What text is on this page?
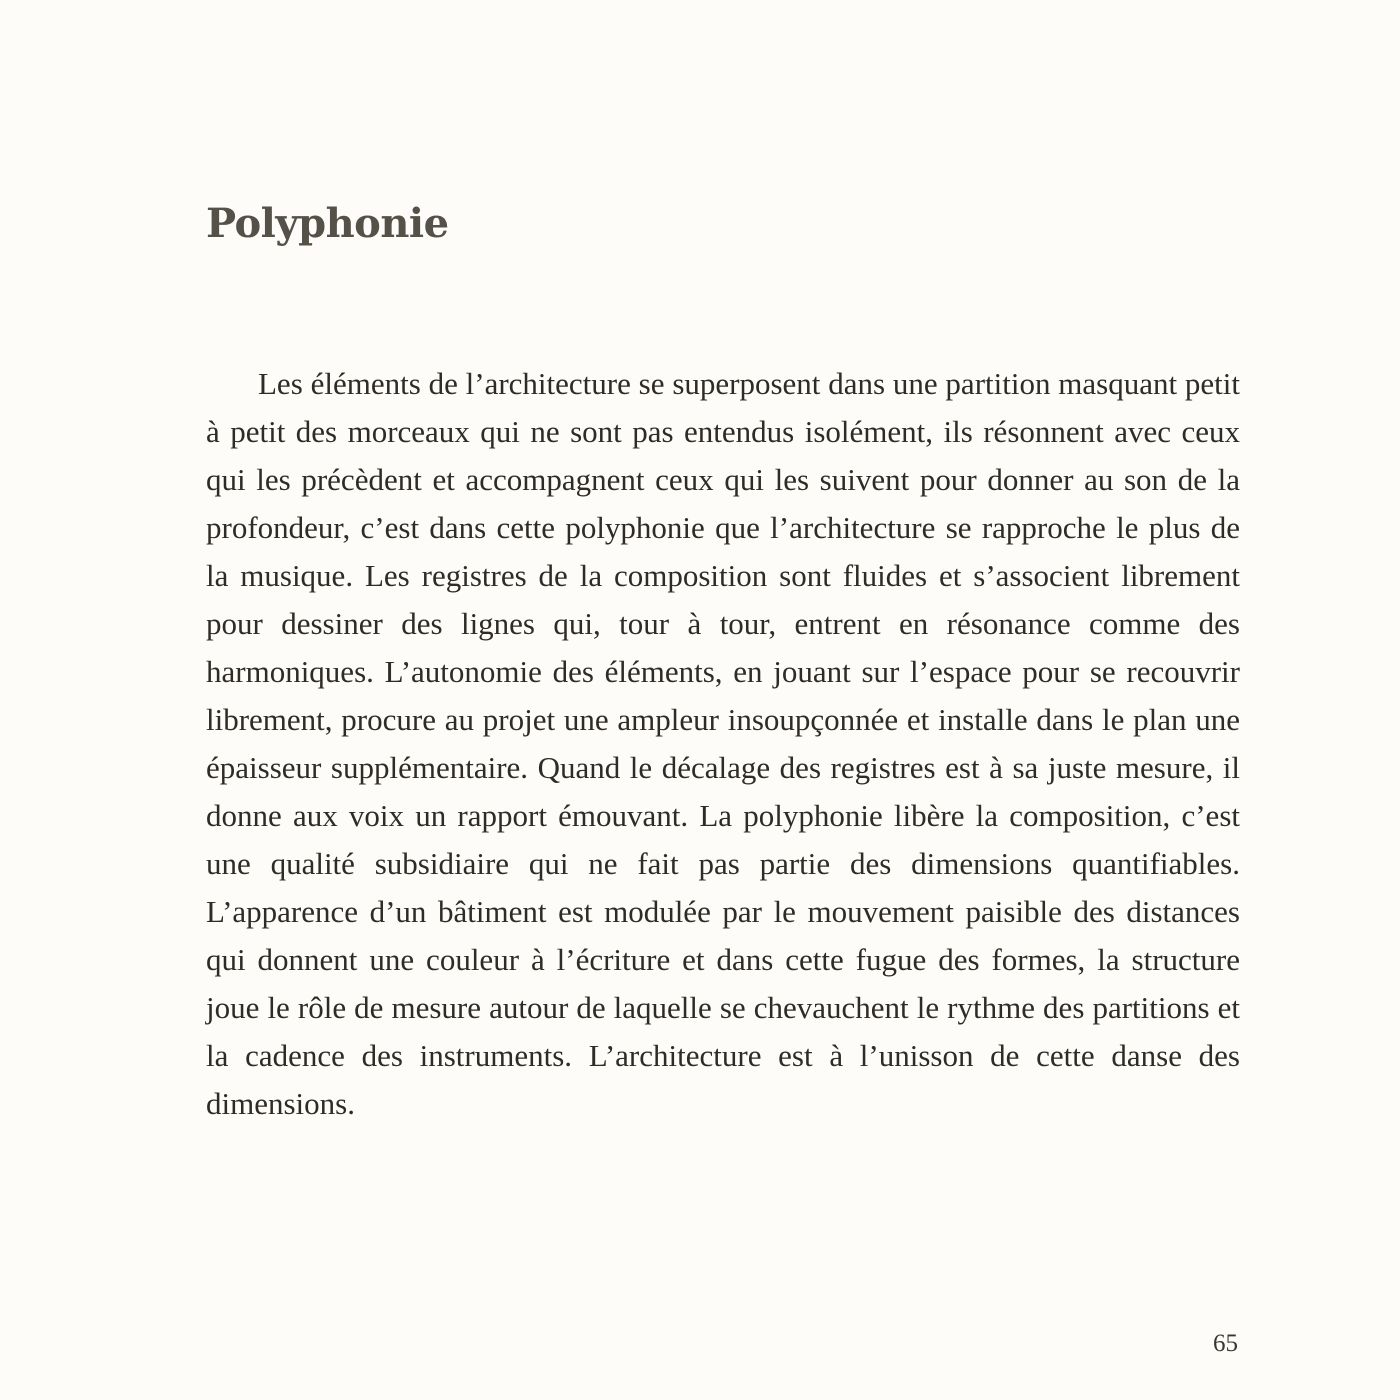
Polyphonie

Les éléments de l’architecture se superposent dans une partition masquant petit à petit des morceaux qui ne sont pas entendus isolément, ils résonnent avec ceux qui les précèdent et accompagnent ceux qui les suivent pour donner au son de la profondeur, c’est dans cette polyphonie que l’architecture se rapproche le plus de la musique. Les registres de la composition sont fluides et s’associent librement pour dessiner des lignes qui, tour à tour, entrent en résonance comme des harmoniques. L’autonomie des éléments, en jouant sur l’espace pour se recouvrir librement, procure au projet une ampleur insoupçonnée et installe dans le plan une épaisseur supplémentaire. Quand le décalage des registres est à sa juste mesure, il donne aux voix un rapport émouvant. La polyphonie libère la composition, c’est une qualité subsidiaire qui ne fait pas partie des dimensions quantifiables. L’apparence d’un bâtiment est modulée par le mouvement paisible des distances qui donnent une couleur à l’écriture et dans cette fugue des formes, la structure joue le rôle de mesure autour de laquelle se chevauchent le rythme des partitions et la cadence des instruments. L’architecture est à l’unisson de cette danse des dimensions.

65
